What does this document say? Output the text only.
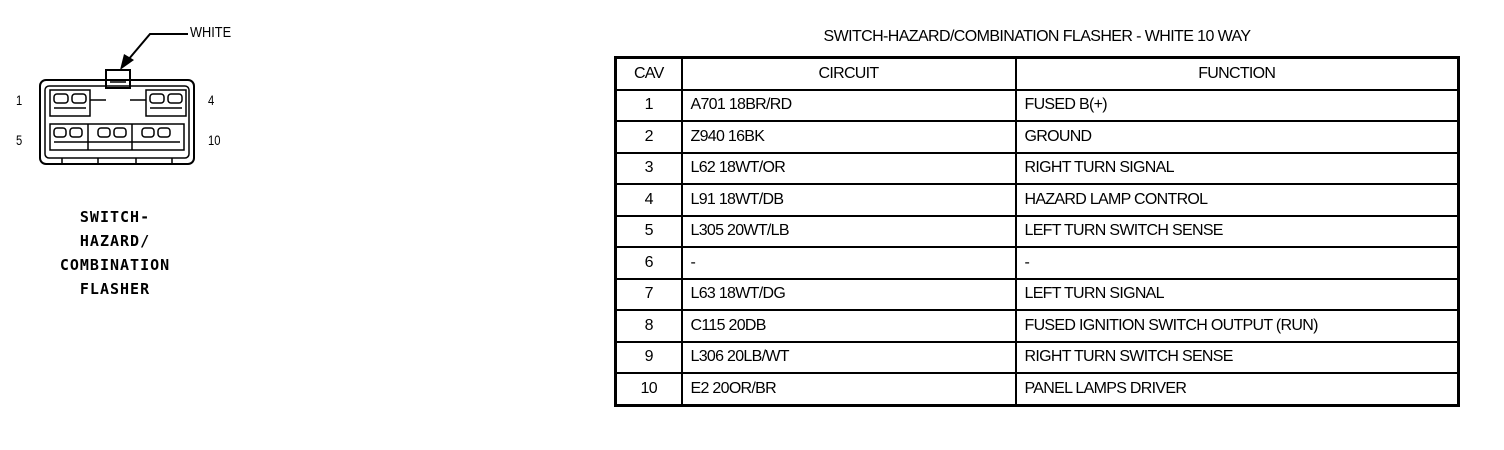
WHITE
1	4
5	10
SWITCH-
HAZARD/
COMBINATION
FLASHER
SWITCH-HAZARD/COMBINATION FLASHER - WHITE 10 WAY
CAV	CIRCUIT	FUNCTION
1	A701 18BR/RD	FUSED B(+)
2	Z940 16BK	GROUND
3	L62 18WT/OR	RIGHT TURN SIGNAL
4	L91 18WT/DB	HAZARD LAMP CONTROL
5	L305 20WT/LB	LEFT TURN SWITCH SENSE
6	-	-
7	L63 18WT/DG	LEFT TURN SIGNAL
8	C115 20DB	FUSED IGNITION SWITCH OUTPUT (RUN)
9	L306 20LB/WT	RIGHT TURN SWITCH SENSE
10	E2 20OR/BR	PANEL LAMPS DRIVER
